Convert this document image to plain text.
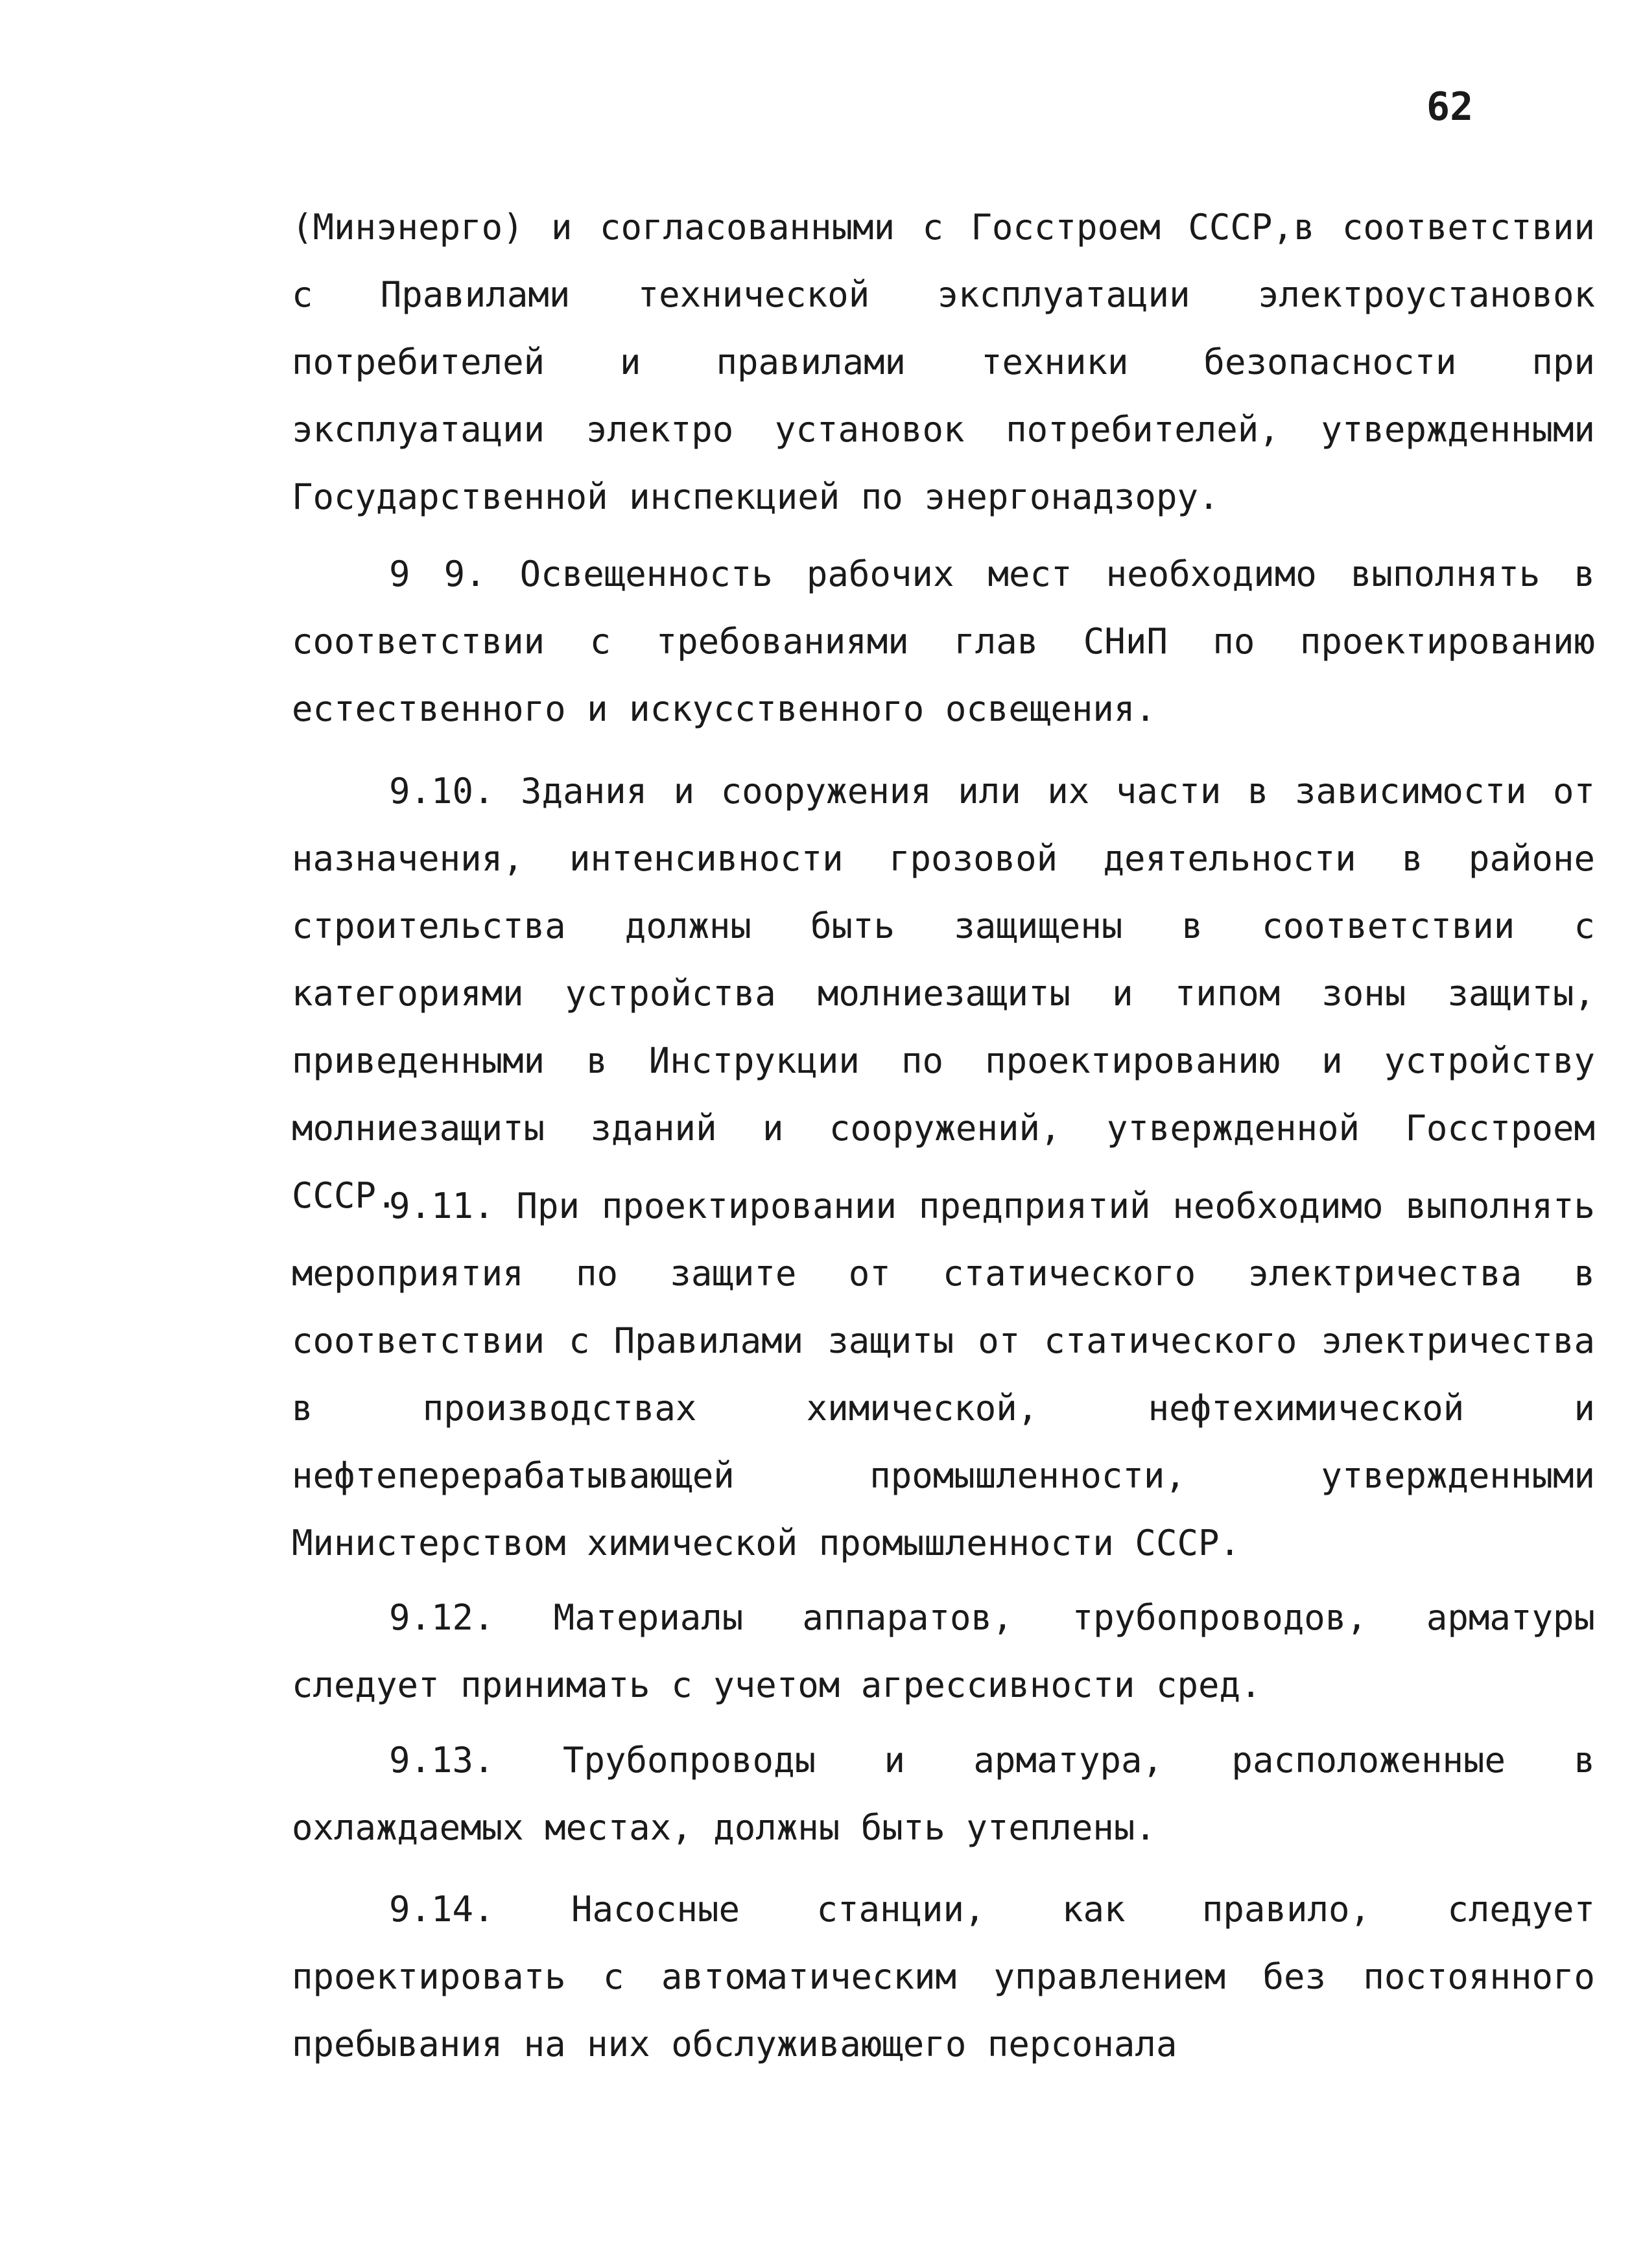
62

(Минэнерго) и согласованными с Госстроем СССР,в соответствии с Правилами технической эксплуатации электроустановок потребителей и правилами техники безопасности при эксплуатации электро установок потребителей, утвержденными Государственной инспекцией по энергонадзору.

9 9. Освещенность рабочих мест необходимо выполнять в соответствии с требованиями глав СНиП по проектированию естественного и искусственного освещения.

9.10. Здания и сооружения или их части в зависимости от назначения, интенсивности грозовой деятельности в районе строительства должны быть защищены в соответствии с категориями устройства молниезащиты и типом зоны защиты, приведенными в Инструкции по проектированию и устройству молниезащиты зданий и сооружений, утвержденной Госстроем СССР.

9.11. При проектировании предприятий необходимо выполнять мероприятия по защите от статического электричества в соответствии с Правилами защиты от статического электричества в производствах химической, нефтехимической и нефтеперерабатывающей промышленности, утвержденными Министерством химической промышленности СССР.

9.12. Материалы аппаратов, трубопроводов, арматуры следует принимать с учетом агрессивности сред.

9.13. Трубопроводы и арматура, расположенные в охлаждаемых местах, должны быть утеплены.

9.14. Насосные станции, как правило, следует проектировать с автоматическим управлением без постоянного пребывания на них обслуживающего персонала
